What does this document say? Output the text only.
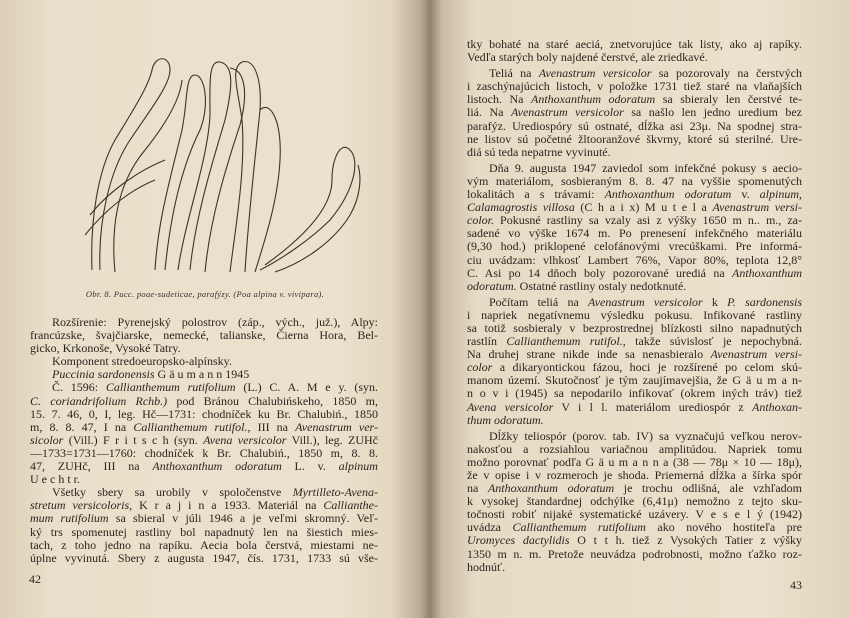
Obr. 8. Pucc. poae-sudeticae, parafýzy. (Poa alpina v. vivipara).
Rozšírenie: Pyrenejský polostrov (záp., vých., juž.), Alpy:
francúzske, švajčiarske, nemecké, talianske, Čierna Hora, Bel-
gicko, Krkonoše, Vysoké Tatry.
Komponent stredoeuropsko-alpínsky.
Puccinia sardonensis G ä u m a n n 1945
Č. 1596: Callianthemum rutifolium (L.) C. A. M e y. (syn.
C. coriandrifolium Rchb.) pod Bránou Chalubińskeho, 1850 m,
15. 7. 46, 0, I, leg. Hč—1731: chodníček ku Br. Chalubiń., 1850
m, 8. 8. 47, I na Callianthemum rutifol., III na Avenastrum ver-
sicolor (Vill.) F r i t s c h (syn. Avena versicolor Vill.), leg. ZUHč
—1733=1731—1760: chodníček k Br. Chalubiń., 1850 m, 8. 8.
47, ZUHč, III na Anthoxanthum odoratum L. v. alpinum
U e c h t r.
Všetky sbery sa urobily v spoločenstve Myrtilleto-Avena-
stretum versicoloris, K r a j i n a 1933. Materiál na Callianthe-
mum rutifolium sa sbieral v júli 1946 a je veľmi skromný. Veľ-
ký trs spomenutej rastliny bol napadnutý len na šiestich mies-
tach, z toho jedno na rapíku. Aecia bola čerstvá, miestami ne-
úplne vyvinutá. Sbery z augusta 1947, čís. 1731, 1733 sú vše-
42
tky bohaté na staré aeciá, znetvorujúce tak listy, ako aj rapíky.
Vedľa starých boly najdené čerstvé, ale zriedkavé.
Teliá na Avenastrum versicolor sa pozorovaly na čerstvých
i zaschýnajúcich listoch, v položke 1731 tiež staré na vlaňajších
listoch. Na Anthoxanthum odoratum sa sbieraly len čerstvé te-
liá. Na Avenastrum versicolor sa našlo len jedno uredium bez
parafýz. Urediospóry sú ostnaté, dĺžka asi 23μ. Na spodnej stra-
ne listov sú početné žltooranžové škvrny, ktoré sú sterilné. Ure-
diá sú teda nepatrne vyvinuté.
Dňa 9. augusta 1947 zaviedol som infekčné pokusy s aecio-
vým materiálom, sosbieraným 8. 8. 47 na vyššie spomenutých
lokalitách a s trávami: Anthoxanthum odoratum v. alpinum,
Calamagrostis villosa (C h a i x) M u t e l a Avenastrum versi-
color. Pokusné rastliny sa vzaly asi z výšky 1650 m n.. m., za-
sadené vo výške 1674 m. Po prenesení infekčného materiálu
(9,30 hod.) priklopené celofánovými vrecúškami. Pre informá-
ciu uvádzam: vlhkosť Lambert 76%, Vapor 80%, teplota 12,8°
C. Asi po 14 dňoch boly pozorované urediá na Anthoxanthum
odoratum. Ostatné rastliny ostaly nedotknuté.
Počítam teliá na Avenastrum versicolor k P. sardonensis
i napriek negatívnemu výsledku pokusu. Infikované rastliny
sa totiž sosbieraly v bezprostrednej blízkosti silno napadnutých
rastlín Callianthemum rutifol., takže súvislosť je nepochybná.
Na druhej strane nikde inde sa nenasbieralo Avenastrum versi-
color a dikaryontickou fázou, hoci je rozšírené po celom skú-
manom území. Skutočnosť je tým zaujímavejšia, že G ä u m a n-
n o v i (1945) sa nepodarilo infikovať (okrem iných tráv) tiež
Avena versicolor V i l l. materiálom urediospór z Anthoxan-
thum odoratum.
Dĺžky teliospór (porov. tab. IV) sa vyznačujú veľkou nerov-
nakosťou a rozsiahlou variačnou amplitúdou. Napriek tomu
možno porovnať podľa G ä u m a n n a (38 — 78μ × 10 — 18μ),
že v opise i v rozmeroch je shoda. Priemerná dĺžka a šírka spór
na Anthoxanthum odoratum je trochu odlišná, ale vzhľadom
k vysokej štandardnej odchýlke (6,41μ) nemožno z tejto sku-
točnosti robiť nijaké systematické uzávery. V e s e l ý (1942)
uvádza Callianthemum rutifolium ako nového hostiteľa pre
Uromyces dactylidis O t t h. tiež z Vysokých Tatier z výšky
1350 m n. m. Pretože neuvádza podrobnosti, možno ťažko roz-
hodnúť.
43
